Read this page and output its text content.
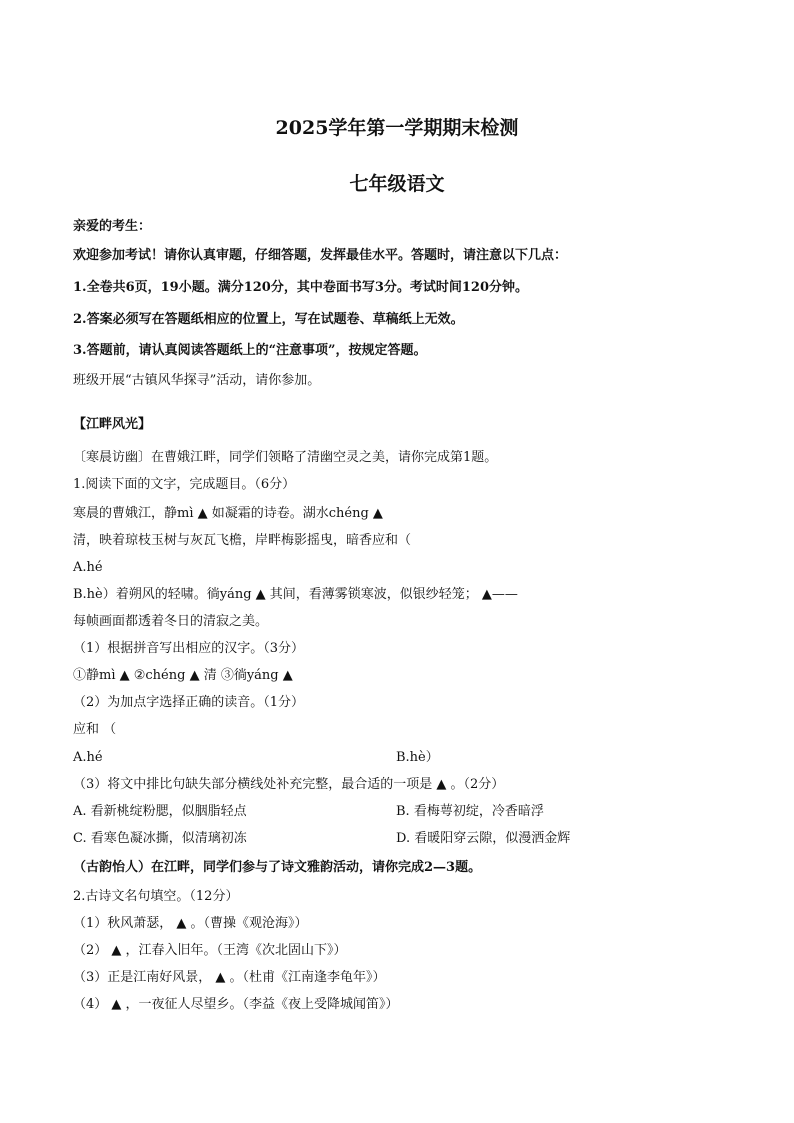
2025学年第一学期期末检测
七年级语文
亲爱的考生：
欢迎参加考试！请你认真审题，仔细答题，发挥最佳水平。答题时，请注意以下几点：
1.全卷共6页，19小题。满分120分，其中卷面书写3分。考试时间120分钟。
2.答案必须写在答题纸相应的位置上，写在试题卷、草稿纸上无效。
3.答题前，请认真阅读答题纸上的“注意事项”，按规定答题。
班级开展“古镇风华探寻”活动，请你参加。
【江畔风光】
〔寒晨访幽〕在曹娥江畔，同学们领略了清幽空灵之美，请你完成第1题。
1.阅读下面的文字，完成题目。（6分）
寒晨的曹娥江，静mì ▲ 如凝霜的诗卷。湖水chéng ▲
清，映着琼枝玉树与灰瓦飞檐，岸畔梅影摇曳，暗香应和（
A.hé
B.hè）着朔风的轻啸。徜yáng ▲ 其间，看薄雾锁寒波，似银纱轻笼； ▲——
每帧画面都透着冬日的清寂之美。
（1）根据拼音写出相应的汉字。（3分）
①静mì ▲ ②chéng ▲ 清 ③徜yáng ▲
（2）为加点字选择正确的读音。（1分）
应和 （
A.hé	B.hè）
（3）将文中排比句缺失部分横线处补充完整，最合适的一项是 ▲ 。（2分）
A. 看新桃绽粉腮，似胭脂轻点	B. 看梅萼初绽，冷香暗浮
C. 看寒色凝冰撕，似清璃初冻	D. 看暖阳穿云隙，似漫洒金辉
（古韵怡人）在江畔，同学们参与了诗文雅韵活动，请你完成2—3题。
2.古诗文名句填空。（12分）
（1）秋风萧瑟， ▲ 。（曹操《观沧海》）
（2） ▲ ，江春入旧年。（王湾《次北固山下》）
（3）正是江南好风景， ▲ 。（杜甫《江南逢李龟年》）
（4） ▲ ，一夜征人尽望乡。（李益《夜上受降城闻笛》）
